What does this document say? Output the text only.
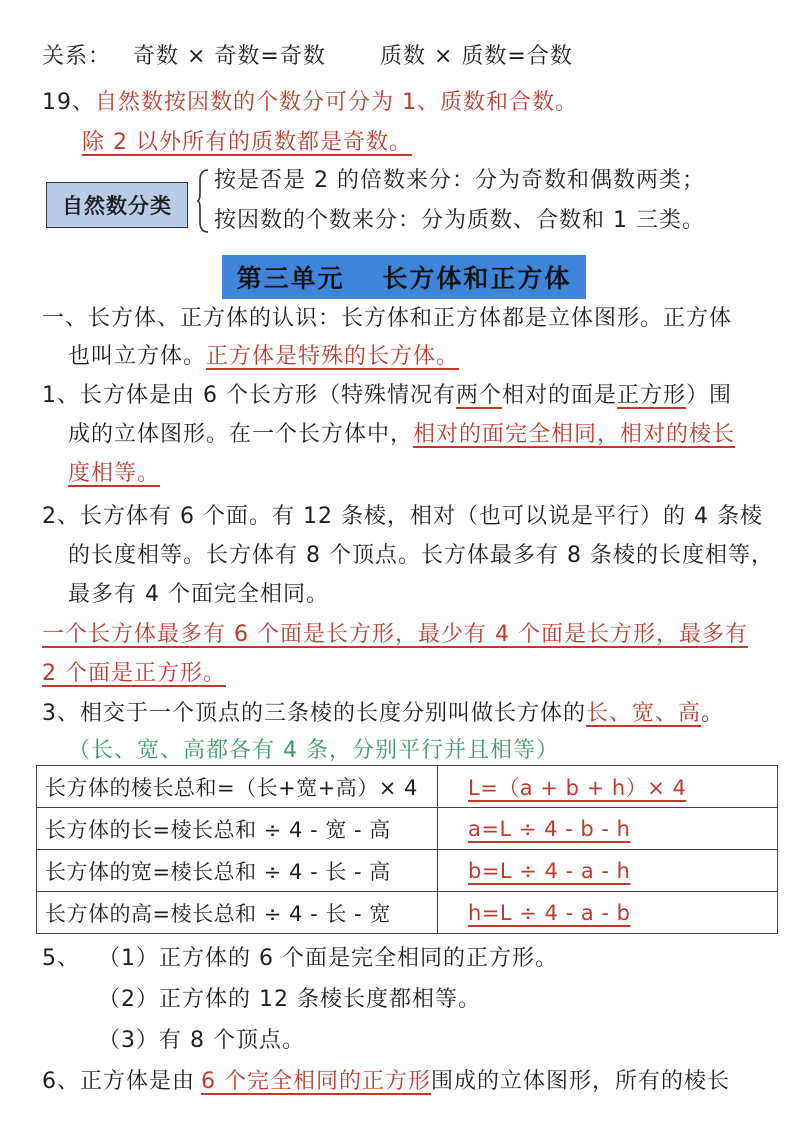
关系： 奇数 × 奇数=奇数 质数 × 质数=合数
19、自然数按因数的个数分可分为 1、质数和合数。
除 2 以外所有的质数都是奇数。
自然数分类
按是否是 2 的倍数来分：分为奇数和偶数两类；
按因数的个数来分：分为质数、合数和 1 三类。
第三单元　 长方体和正方体
一、长方体、正方体的认识：长方体和正方体都是立体图形。正方体
也叫立方体。正方体是特殊的长方体。
1、长方体是由 6 个长方形（特殊情况有两个相对的面是正方形）围
成的立体图形。在一个长方体中，相对的面完全相同，相对的棱长
度相等。
2、长方体有 6 个面。有 12 条棱，相对（也可以说是平行）的 4 条棱
的长度相等。长方体有 8 个顶点。长方体最多有 8 条棱的长度相等，
最多有 4 个面完全相同。
一个长方体最多有 6 个面是长方形，最少有 4 个面是长方形，最多有
2 个面是正方形。
3、相交于一个顶点的三条棱的长度分别叫做长方体的长、宽、高。
（长、宽、高都各有 4 条，分别平行并且相等）
长方体的棱长总和=（长+宽+高）× 4	L=（a + b + h）× 4
长方体的长=棱长总和 ÷ 4 - 宽 - 高	a=L ÷ 4 - b - h
长方体的宽=棱长总和 ÷ 4 - 长 - 高	b=L ÷ 4 - a - h
长方体的高=棱长总和 ÷ 4 - 长 - 宽	h=L ÷ 4 - a - b
5、 （1）正方体的 6 个面是完全相同的正方形。
（2）正方体的 12 条棱长度都相等。
（3）有 8 个顶点。
6、正方体是由 6 个完全相同的正方形围成的立体图形，所有的棱长
